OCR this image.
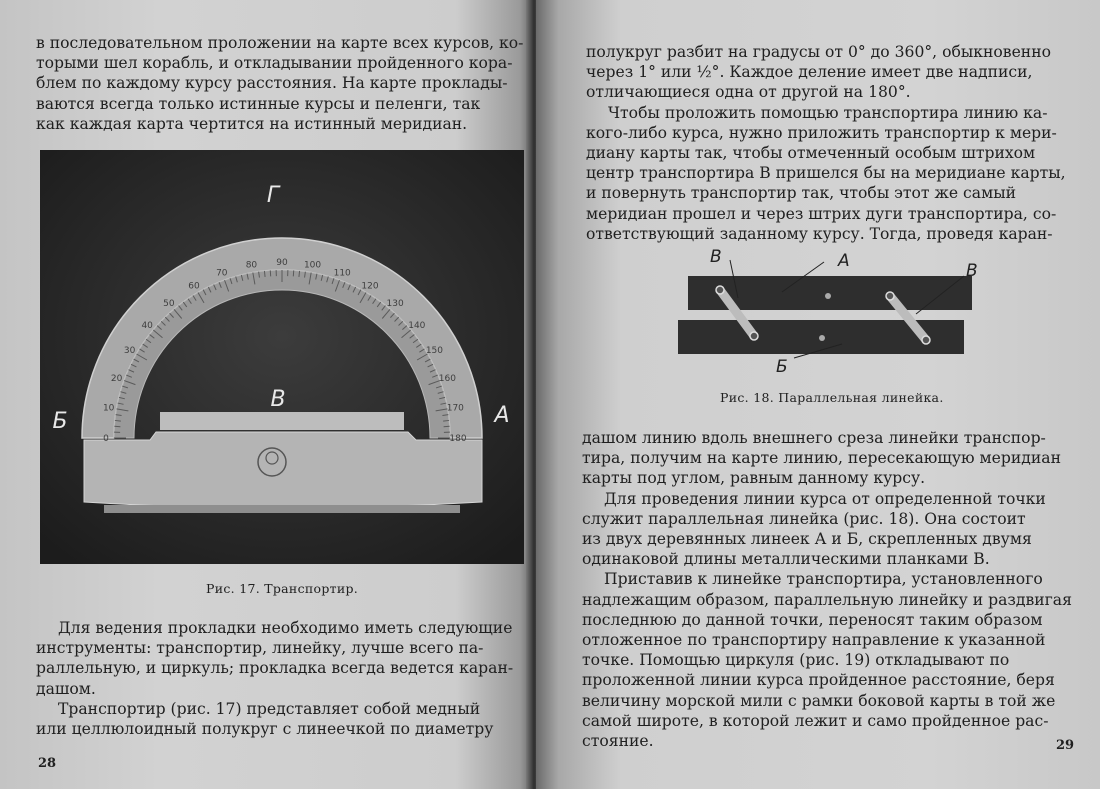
в последовательном проложении на карте всех курсов, ко-

торыми шел корабль, и откладывании пройденного кора-

блем по каждому курсу расстояния. На карте проклады-

ваются всегда только истинные курсы и пеленги, так

как каждая карта чертится на истинный меридиан.

Г
Б
В
А
0
10
20
30
40
50
60
70
80 90 100
110
120
130
140
150
160
170
180
Рис. 17. Транспортир.

Для ведения прокладки необходимо иметь следующие

инструменты: транспортир, линейку, лучше всего па-

раллельную, и циркуль; прокладка всегда ведется каран-

дашом.

Транспортир (рис. 17) представляет собой медный

или целлюлоидный полукруг с линеечкой по диаметру

28

полукруг разбит на градусы от 0° до 360°, обыкновенно

через 1° или ½°. Каждое деление имеет две надписи,

отличающиеся одна от другой на 180°.

Чтобы проложить помощью транспортира линию ка-

кого-либо курса, нужно приложить транспортир к мери-

диану карты так, чтобы отмеченный особым штрихом

центр транспортира В пришелся бы на меридиане карты,

и повернуть транспортир так, чтобы этот же самый

меридиан прошел и через штрих дуги транспортира, со-

ответствующий заданному курсу. Тогда, проведя каран-

Рис. 18. Параллельная линейка.

дашом линию вдоль внешнего среза линейки транспор-

тира, получим на карте линию, пересекающую меридиан

карты под углом, равным данному курсу.

Для проведения линии курса от определенной точки

служит параллельная линейка (рис. 18). Она состоит

из двух деревянных линеек А и Б, скрепленных двумя

одинаковой длины металлическими планками В.

Приставив к линейке транспортира, установленного

надлежащим образом, параллельную линейку и раздвигая

последнюю до данной точки, переносят таким образом

отложенное по транспортиру направление к указанной

точке. Помощью циркуля (рис. 19) откладывают по

проложенной линии курса пройденное расстояние, беря

величину морской мили с рамки боковой карты в той же

самой широте, в которой лежит и само пройденное рас-

стояние.	29
В	А	В
Б
